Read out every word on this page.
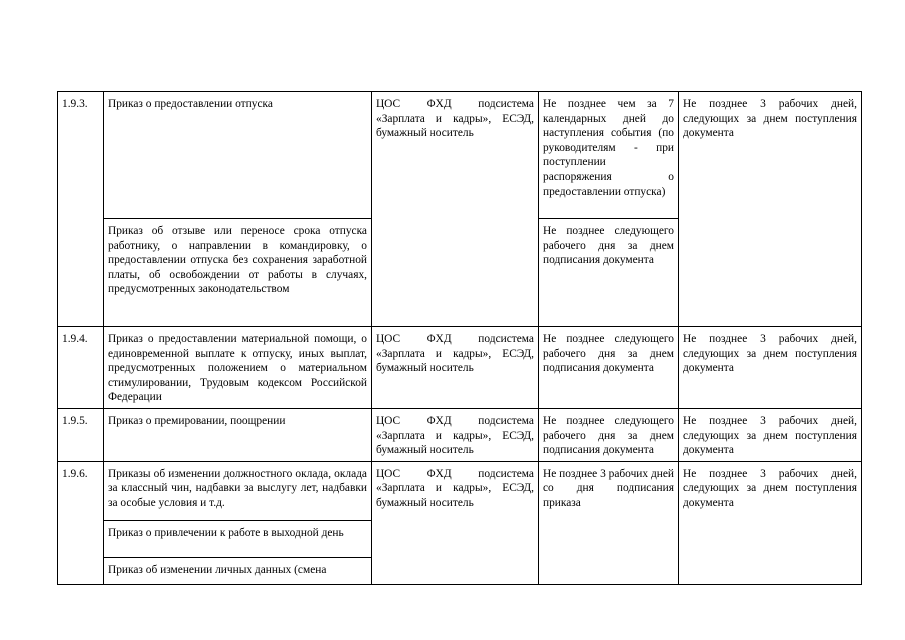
1.9.3.	Приказ о предоставлении отпуска	ЦОС ФХД подсистема «Зарплата и кадры», ЕСЭД, бумажный носитель	Не позднее чем за 7 календарных дней до наступления события (по руководителям - при поступлении распоряжения о предоставлении отпуска)	Не позднее 3 рабочих дней, следующих за днем поступления документа
	Приказ об отзыве или переносе срока отпуска работнику, о направлении в командировку, о предоставлении отпуска без сохранения заработной платы, об освобождении от работы в случаях, предусмотренных законодательством		Не позднее следующего рабочего дня за днем подписания документа	
1.9.4.	Приказ о предоставлении материальной помощи, о единовременной выплате к отпуску, иных выплат, предусмотренных положением о материальном стимулировании, Трудовым кодексом Российской Федерации	ЦОС ФХД подсистема «Зарплата и кадры», ЕСЭД, бумажный носитель	Не позднее следующего рабочего дня за днем подписания документа	Не позднее 3 рабочих дней, следующих за днем поступления документа
1.9.5.	Приказ о премировании, поощрении	ЦОС ФХД подсистема «Зарплата и кадры», ЕСЭД, бумажный носитель	Не позднее следующего рабочего дня за днем подписания документа	Не позднее 3 рабочих дней, следующих за днем поступления документа
1.9.6.	Приказы об изменении должностного оклада, оклада за классный чин, надбавки за выслугу лет, надбавки за особые условия и т.д.	ЦОС ФХД подсистема «Зарплата и кадры», ЕСЭД, бумажный носитель	Не позднее 3 рабочих дней со дня подписания приказа	Не позднее 3 рабочих дней, следующих за днем поступления документа
	Приказ о привлечении к работе в выходной день			

	Приказ об изменении личных данных (смена			
